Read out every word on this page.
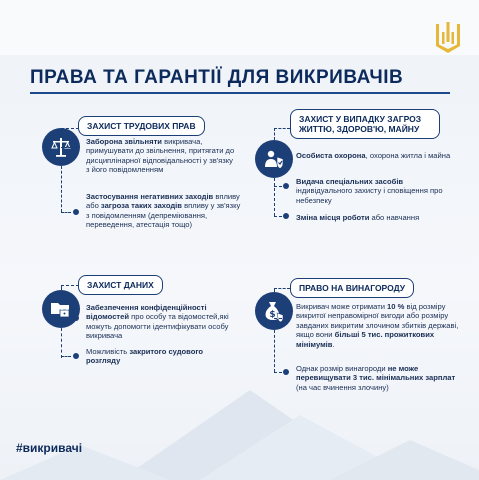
ПРАВА ТА ГАРАНТІЇ ДЛЯ ВИКРИВАЧІВ
ЗАХИСТ ТРУДОВИХ ПРАВ
Заборона звільняти викривача, примушувати до звільнення, притягати до дисциплінарної відповідальності у зв'язку з його повідомленням
Застосування негативних заходів впливу або загроза таких заходів впливу у зв'язку з повідомленням (депреміювання, переведення, атестація тощо)
ЗАХИСТ У ВИПАДКУ ЗАГРОЗ ЖИТТЮ, ЗДОРОВ'Ю, МАЙНУ
Особиста охорона, охорона житла і майна
Видача спеціальних засобів індивідуального захисту і сповіщення про небезпеку
Зміна місця роботи або навчання
ЗАХИСТ ДАНИХ
Забезпечення конфіденційності відомостей про особу та відомостей,які можуть допомогти ідентифікувати особу викривача
Можливість закритого судового розгляду
ПРАВО НА ВИНАГОРОДУ
$
Викривач може отримати 10 % від розміру викритої неправомірної вигоди або розміру завданих викритим злочином збитків державі, якщо вони більші 5 тис. прожиткових мінімумів.
Однак розмір винагороди не може перевищувати 3 тис. мінімальних зарплат (на час вчинення злочину)
#викривачі
